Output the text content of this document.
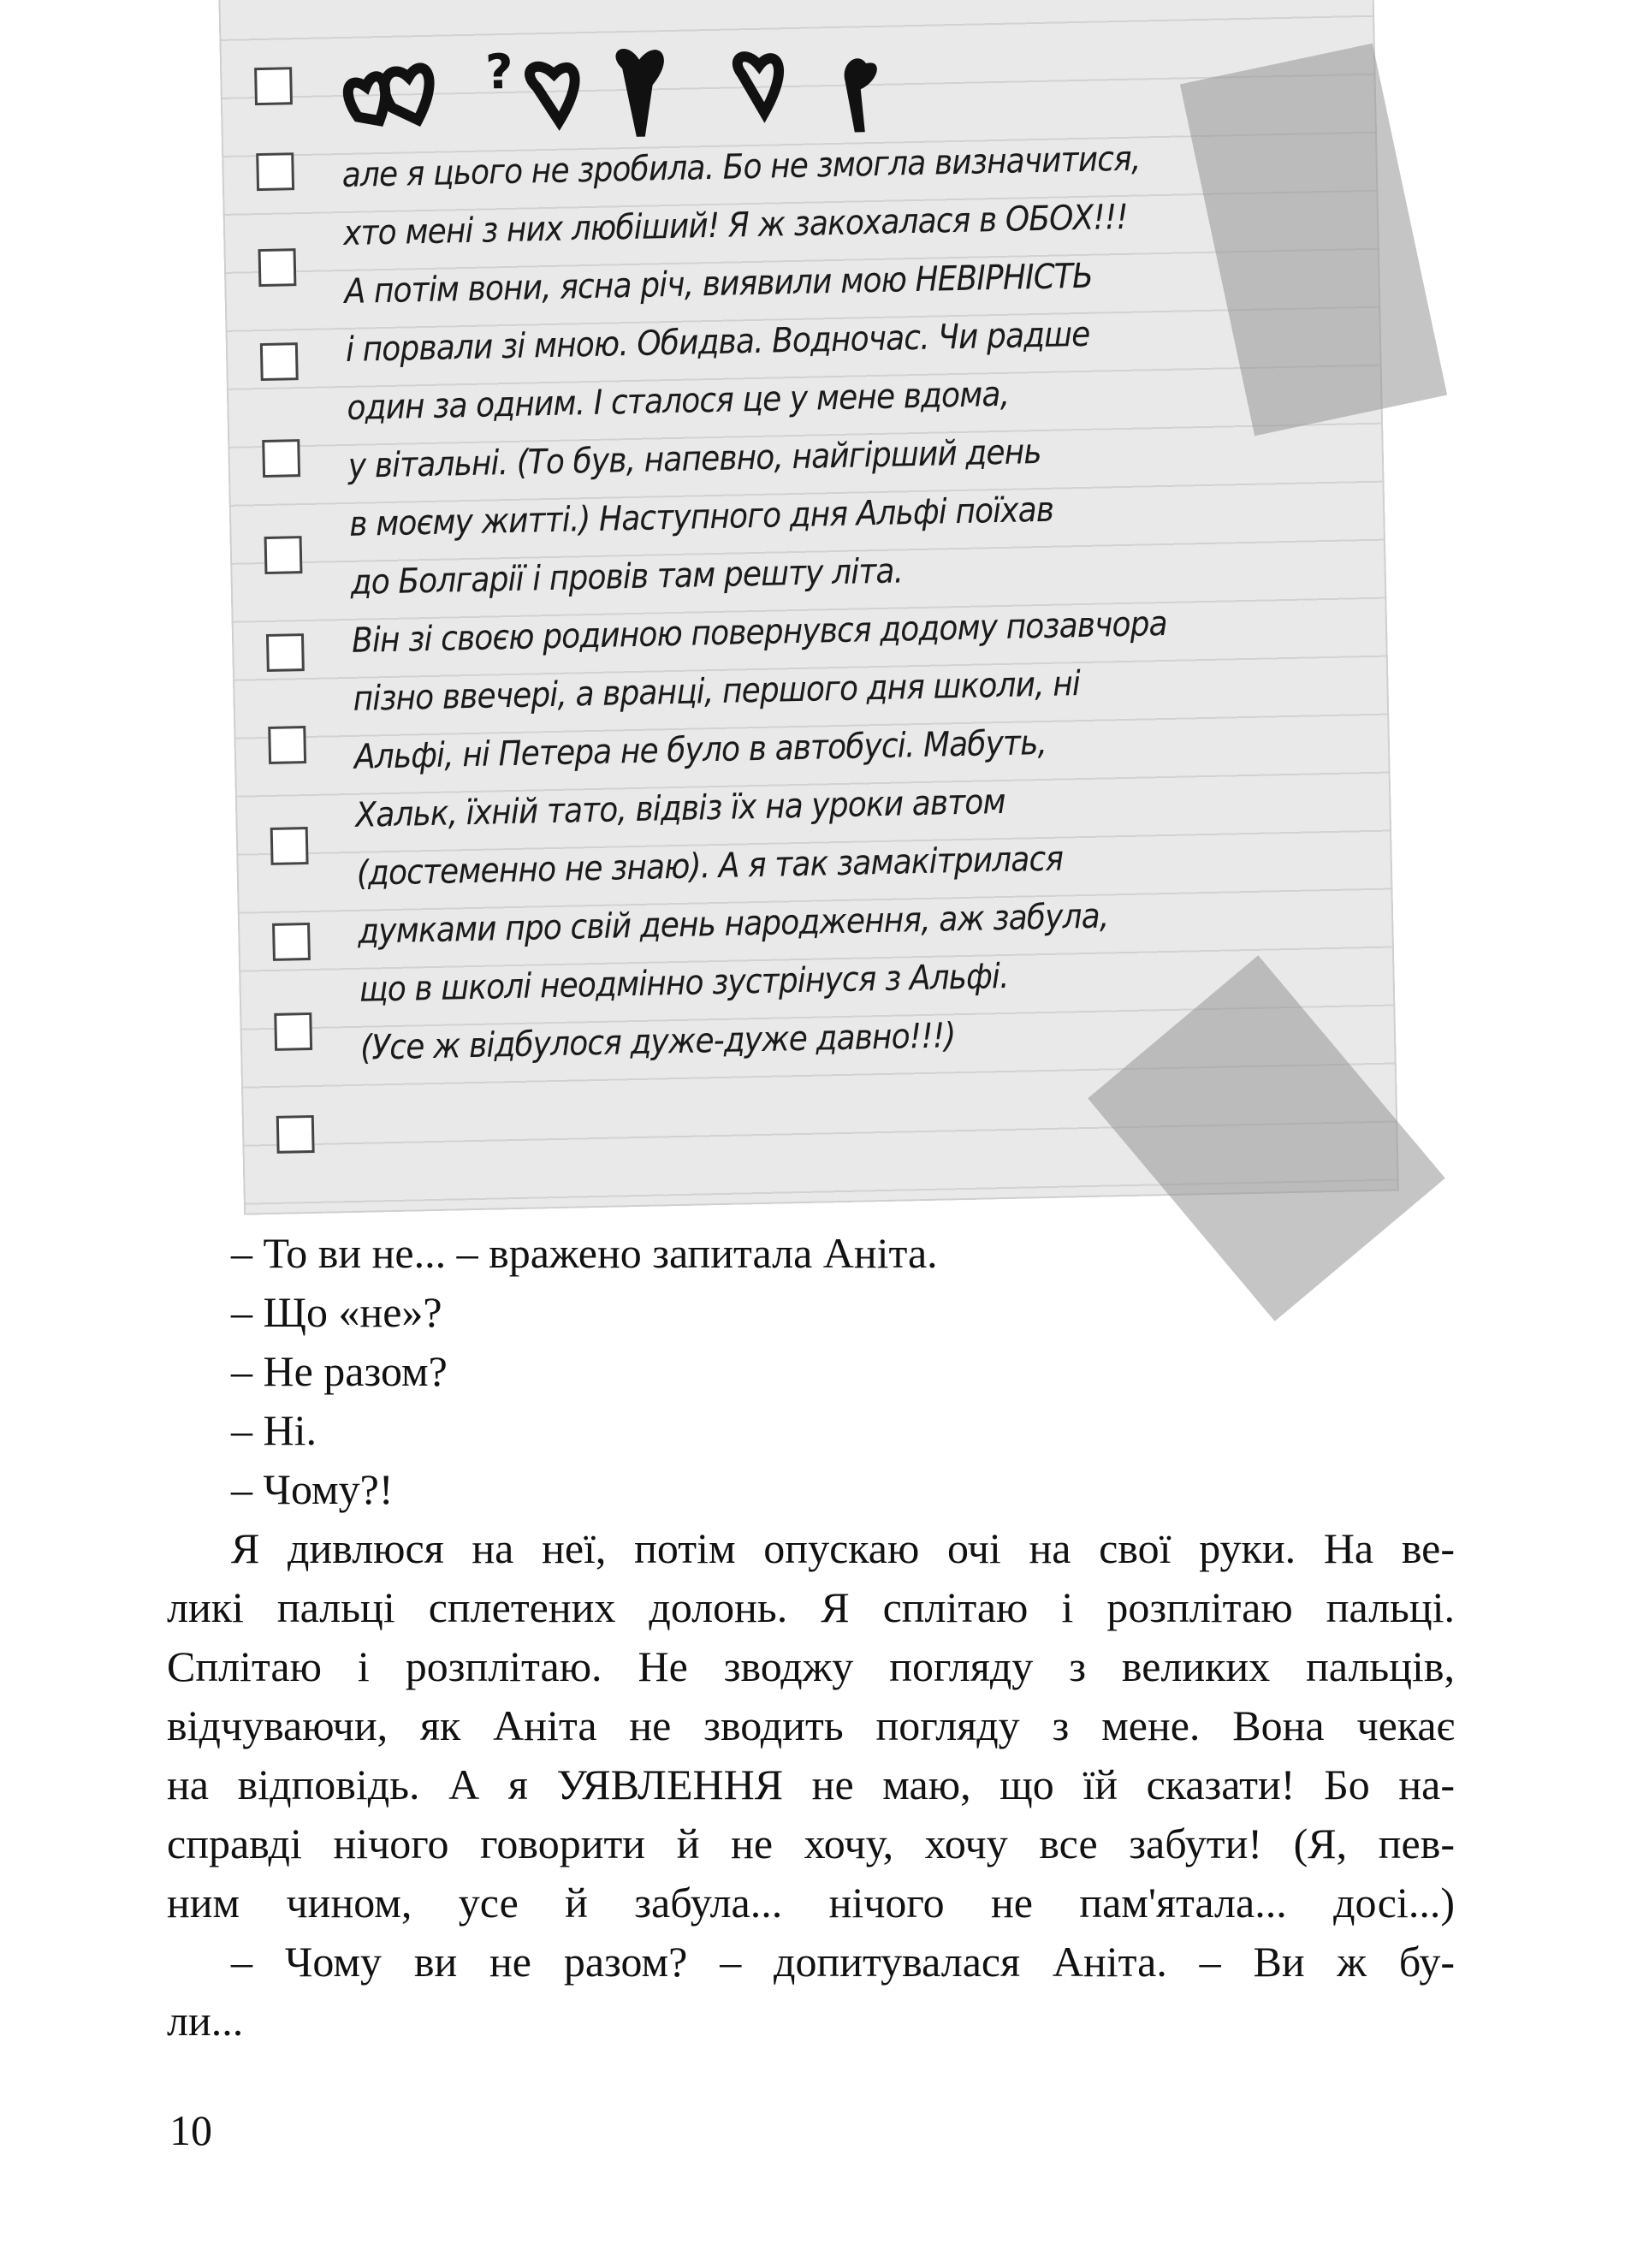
?
але я цього не зробила. Бо не змогла визначитися,
хто мені з них любіший! Я ж закохалася в ОБОХ!!!
А потім вони, ясна річ, виявили мою НЕВІРНІСТЬ
і порвали зі мною. Обидва. Водночас. Чи радше
один за одним. І сталося це у мене вдома,
у вітальні. (То був, напевно, найгірший день
в моєму житті.) Наступного дня Альфі поїхав
до Болгарії і провів там решту літа.
Він зі своєю родиною повернувся додому позавчора
пізно ввечері, а вранці, першого дня школи, ні
Альфі, ні Петера не було в автобусі. Мабуть,
Хальк, їхній тато, відвіз їх на уроки автом
(достеменно не знаю). А я так замакітрилася
думками про свій день народження, аж забула,
що в школі неодмінно зустрінуся з Альфі.
(Усе ж відбулося дуже-дуже давно!!!)
– То ви не... – вражено запитала Аніта.
– Що «не»?
– Не разом?
– Ні.
– Чому?!
Я дивлюся на неї, потім опускаю очі на свої руки. На ве-
ликі пальці сплетених долонь. Я сплітаю і розплітаю пальці.
Сплітаю і розплітаю. Не зводжу погляду з великих пальців,
відчуваючи, як Аніта не зводить погляду з мене. Вона чекає
на відповідь. А я УЯВЛЕННЯ не маю, що їй сказати! Бо на-
справді нічого говорити й не хочу, хочу все забути! (Я, пев-
ним чином, усе й забула... нічого не пам'ятала... досі...)
– Чому ви не разом? – допитувалася Аніта. – Ви ж бу-
ли...
10
